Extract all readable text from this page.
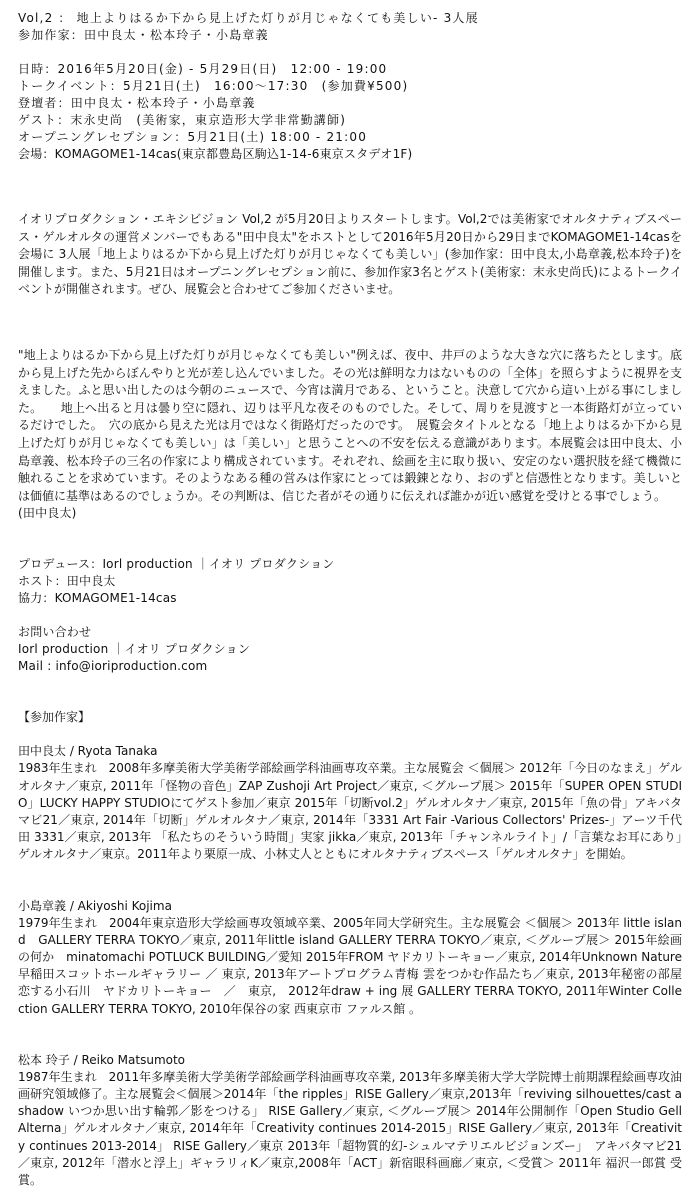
Vol,2 ： 地上よりはるか下から見上げた灯りが月じゃなくても美しい- 3人展
参加作家：田中良太・松本玲子・小島章義
日時：2016年5月20日(金) - 5月29日(日)　12:00 - 19:00
トークイベント：5月21日(土)　16:00〜17:30　(参加費¥500)
登壇者：田中良太・松本玲子・小島章義
ゲスト：末永史尚　(美術家，東京造形大学非常勤講師)
オープニングレセプション：5月21日(土) 18:00 - 21:00
会場：KOMAGOME1-14cas(東京都豊島区駒込1-14-6東京スタデオ1F)
イオリプロダクション・エキシビジョン Vol,2 が5月20日よりスタートします。Vol,2では美術家でオルタナティブスペース・ゲルオルタの運営メンバーでもある"田中良太"をホストとして2016年5月20日から29日までKOMAGOME1-14casを会場に 3人展「地上よりはるか下から見上げた灯りが月じゃなくても美しい」(参加作家：田中良太,小島章義,松本玲子)を開催します。また、5月21日はオープニングレセプション前に、参加作家3名とゲスト(美術家：末永史尚氏)によるトークイベントが開催されます。ぜひ、展覧会と合わせてご参加くださいませ。
"地上よりはるか下から見上げた灯りが月じゃなくても美しい"例えば、夜中、井戸のような大きな穴に落ちたとします。底から見上げた先からぼんやりと光が差し込んでいました。その光は鮮明な力はないものの「全体」を照らすように視界を支えました。ふと思い出したのは今朝のニュースで、今宵は満月である、ということ。決意して穴から這い上がる事にしました。　　地上へ出ると月は曇り空に隠れ、辺りは平凡な夜そのものでした。そして、周りを見渡すと一本街路灯が立っているだけでした。　穴の底から見えた光は月ではなく街路灯だったのです。　展覧会タイトルとなる「地上よりはるか下から見上げた灯りが月じゃなくても美しい」は「美しい」と思うことへの不安を伝える意識があります。本展覧会は田中良太、小島章義、松本玲子の三名の作家により構成されています。それぞれ、絵画を主に取り扱い、安定のない選択肢を経て機微に触れることを求めています。そのようなある種の営みは作家にとっては鍛錬となり、おのずと信憑性となります。美しいとは価値に基準はあるのでしょうか。その判断は、信じた者がその通りに伝えれば誰かが近い感覚を受けとる事でしょう。
(田中良太)
プロデュース：Iorl production ｜イオリ プロダクション
ホスト：田中良太
協力：KOMAGOME1-14cas
お問い合わせ
Iorl production ｜イオリ プロダクション
Mail : info@ioriproduction.com
【参加作家】
田中良太 / Ryota Tanaka
1983年生まれ　2008年多摩美術大学美術学部絵画学科油画専攻卒業。主な展覧会 ＜個展＞ 2012年「今日のなまえ」ゲルオルタナ／東京, 2011年「怪物の音色」ZAP Zushoji Art Project／東京, ＜グループ展＞ 2015年「SUPER OPEN STUDIO」LUCKY HAPPY STUDIOにてゲスト参加／東京 2015年「切断vol.2」ゲルオルタナ／東京, 2015年「魚の骨」アキバタマビ21／東京, 2014年「切断」ゲルオルタナ／東京, 2014年「3331 Art Fair -Various Collectors' Prizes-」アーツ千代田 3331／東京, 2013年 「私たちのそういう時間」実家 jikka／東京, 2013年「チャンネルライト」/「言葉なお耳にあり」ゲルオルタナ／東京。2011年より栗原一成、小林丈人とともにオルタナティブスペース「ゲルオルタナ」を開始。
小島章義 / Akiyoshi Kojima
1979年生まれ　2004年東京造形大学絵画専攻領域卒業、2005年同大学研究生。主な展覧会 ＜個展＞ 2013年 little island　GALLERY TERRA TOKYO／東京, 2011年little island GALLERY TERRA TOKYO／東京, ＜グループ展＞ 2015年絵画の何か　minatomachi POTLUCK BUILDING／愛知 2015年FROM ヤドカリトーキョー／東京, 2014年Unknown Nature 早稲田スコットホールギャラリー ／ 東京, 2013年アートプログラム青梅 雲をつかむ作品たち／東京, 2013年秘密の部屋　恋する小石川　ヤドカリトーキョー　／　東京,　2012年draw + ing 展 GALLERY TERRA TOKYO, 2011年Winter Collection GALLERY TERRA TOKYO, 2010年保谷の家 西東京市 ファルス館 。
松本 玲子 / Reiko Matsumoto
1987年生まれ　2011年多摩美術大学美術学部絵画学科油画専攻卒業, 2013年多摩美術大学大学院博士前期課程絵画専攻油画研究領域修了。主な展覧会＜個展＞2014年「the ripples」RISE Gallery／東京,2013年「reviving silhouettes/cast a shadow いつか思い出す輪郭／影をつける」 RISE Gallery／東京, ＜グループ展＞ 2014年公開制作「Open Studio Gell Alterna」ゲルオルタナ／東京, 2014年年「Creativity continues 2014-2015」RISE Gallery／東京, 2013年「Creativity continues 2013-2014」 RISE Gallery／東京 2013年「超物質的幻-シュルマテリエルビジョンズー」　アキバタマビ21／東京, 2012年「潜水と浮上」ギャラリィK／東京,2008年「ACT」新宿眼科画廊／東京, ＜受賞＞ 2011年 福沢一郎賞 受賞。
